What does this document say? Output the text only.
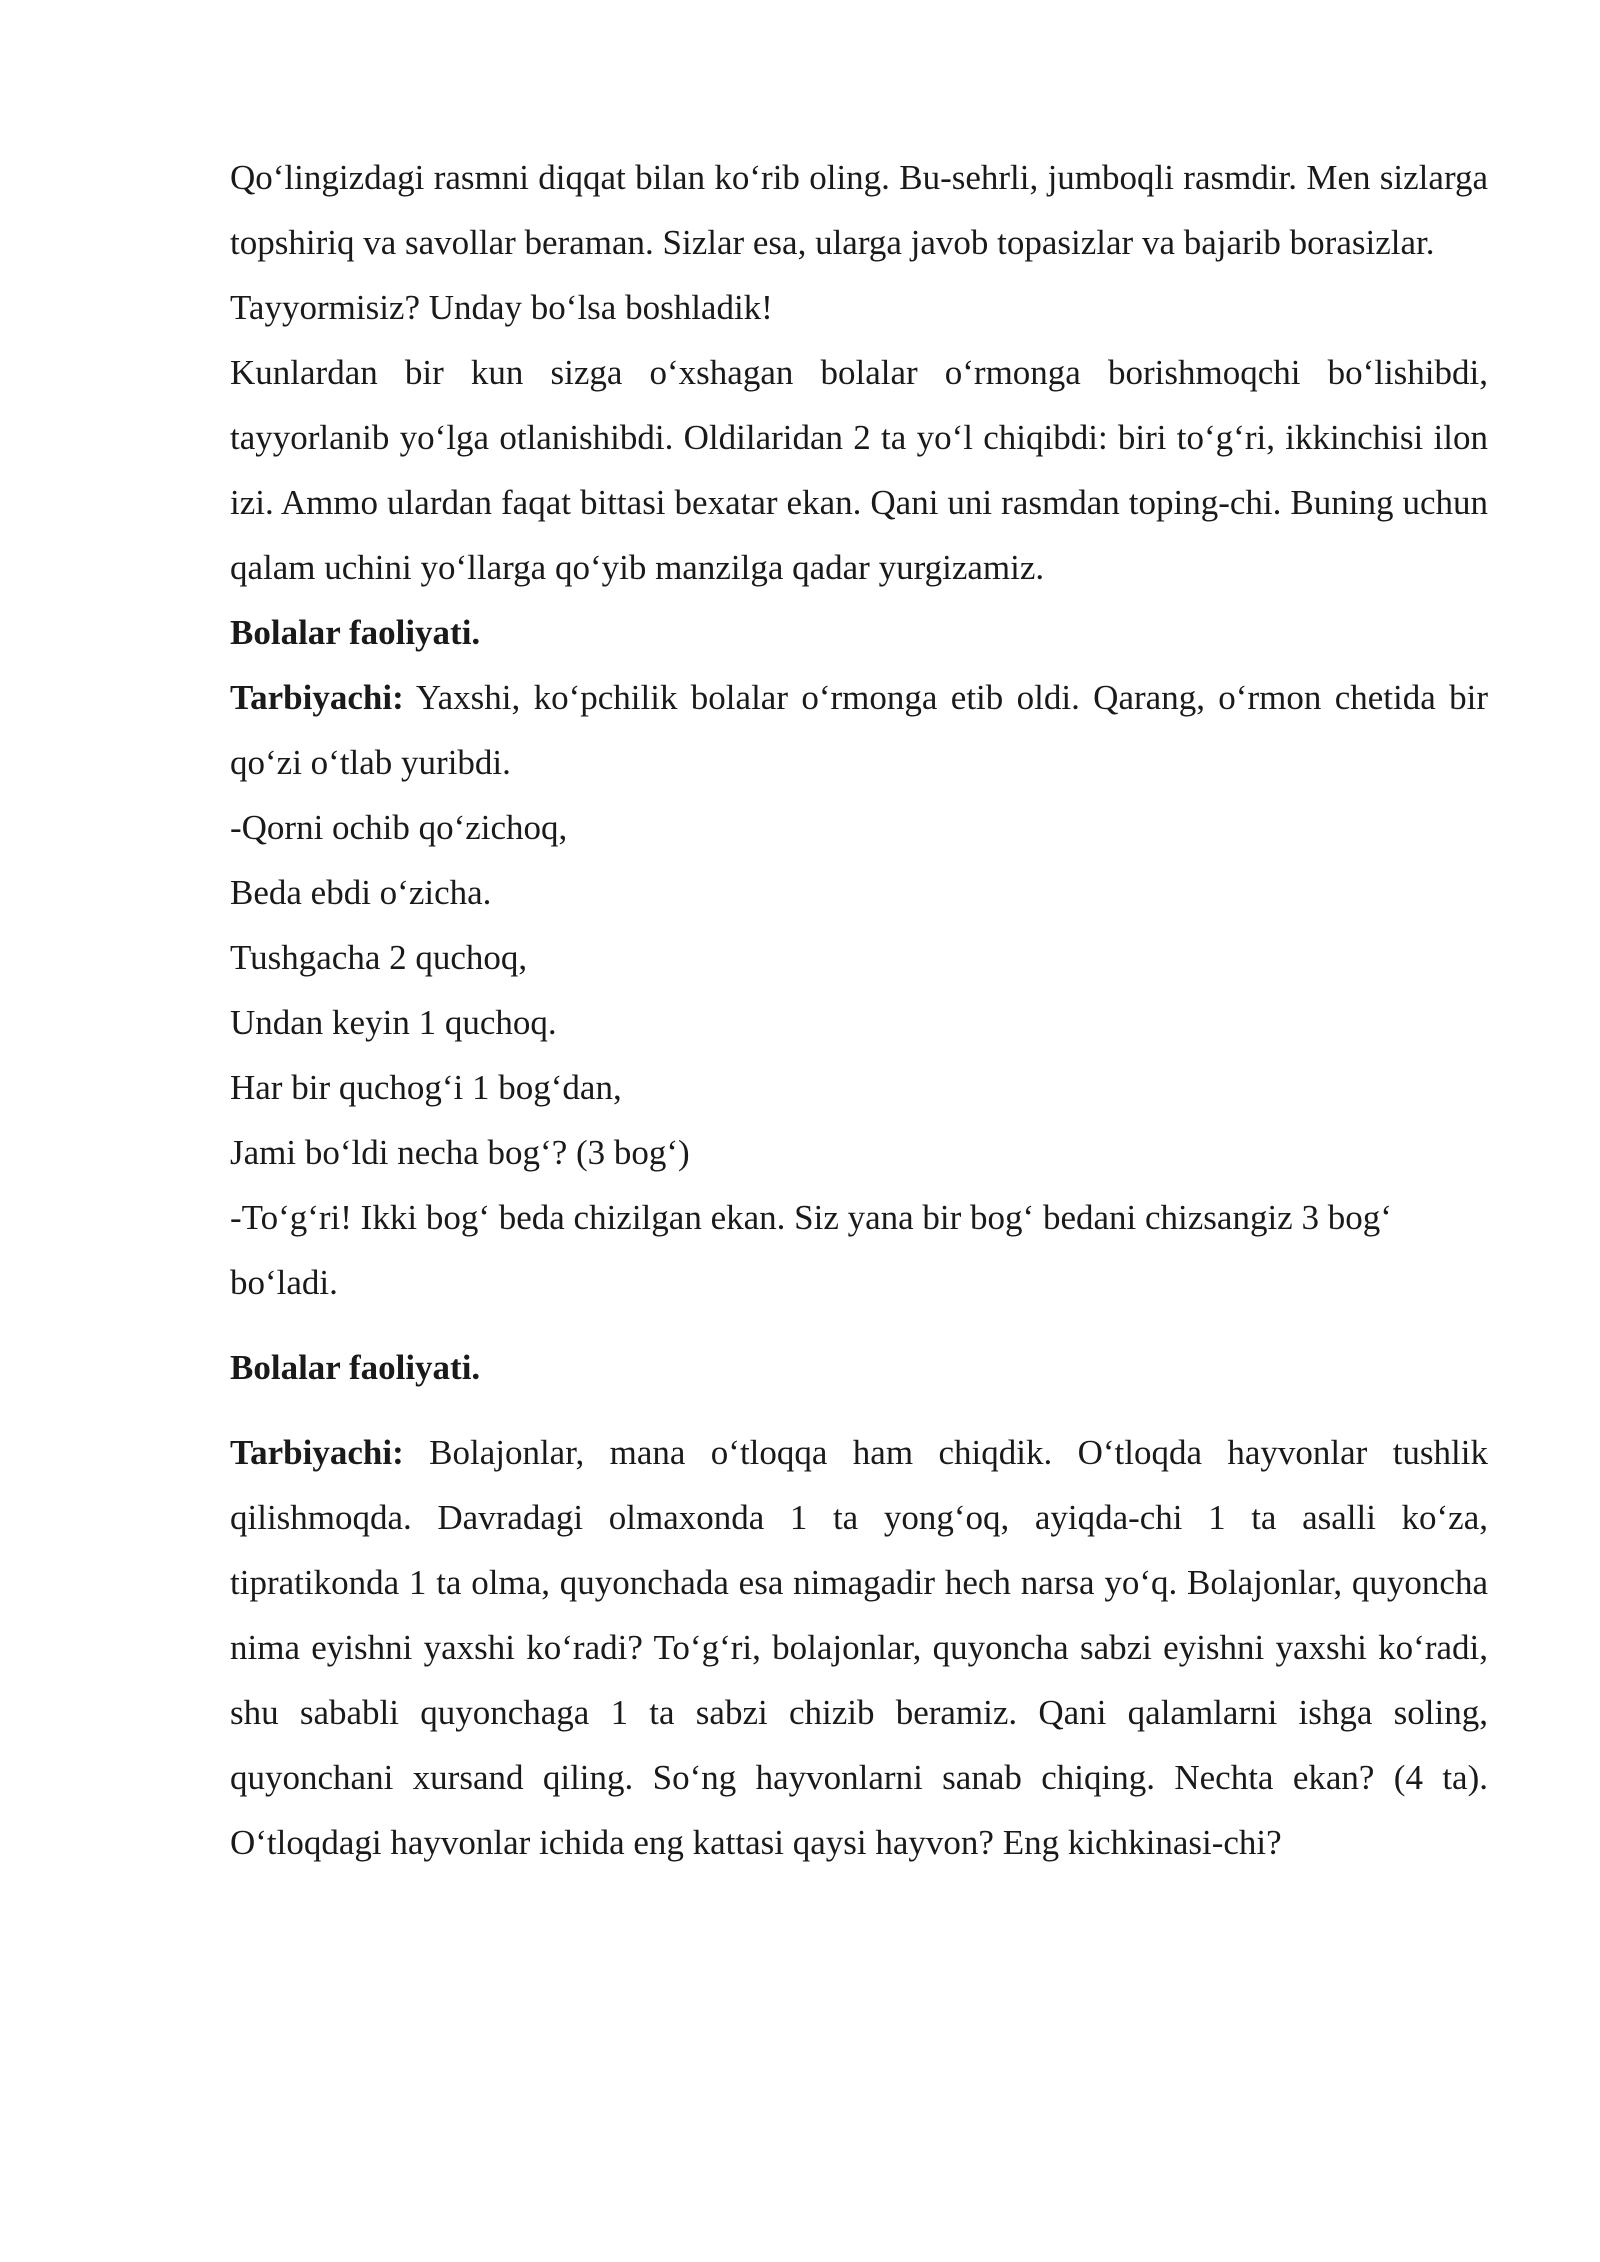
Qo‘lingizdagi rasmni diqqat bilan ko‘rib oling. Bu-sehrli, jumboqli rasmdir. Men sizlarga topshiriq va savollar beraman. Sizlar esa, ularga javob topasizlar va bajarib borasizlar.

Tayyormisiz? Unday bo‘lsa boshladik!

Kunlardan bir kun sizga o‘xshagan bolalar o‘rmonga borishmoqchi bo‘lishibdi, tayyorlanib yo‘lga otlanishibdi. Oldilaridan 2 ta yo‘l chiqibdi: biri to‘g‘ri, ikkinchisi ilon izi. Ammo ulardan faqat bittasi bexatar ekan. Qani uni rasmdan toping-chi. Buning uchun qalam uchini yo‘llarga qo‘yib manzilga qadar yurgizamiz.

Bolalar faoliyati.

Tarbiyachi: Yaxshi, ko‘pchilik bolalar o‘rmonga etib oldi. Qarang, o‘rmon chetida bir qo‘zi o‘tlab yuribdi.

-Qorni ochib qo‘zichoq,

Beda ebdi o‘zicha.

Tushgacha 2 quchoq,

Undan keyin 1 quchoq.

Har bir quchog‘i 1 bog‘dan,

Jami bo‘ldi necha bog‘? (3 bog‘)

-To‘g‘ri! Ikki bog‘ beda chizilgan ekan. Siz yana bir bog‘ bedani chizsangiz 3 bog‘ bo‘ladi.

Bolalar faoliyati.

Tarbiyachi: Bolajonlar, mana o‘tloqqa ham chiqdik. O‘tloqda hayvonlar tushlik qilishmoqda. Davradagi olmaxonda 1 ta yong‘oq, ayiqda-chi 1 ta asalli ko‘za, tipratikonda 1 ta olma, quyonchada esa nimagadir hech narsa yo‘q. Bolajonlar, quyoncha nima eyishni yaxshi ko‘radi? To‘g‘ri, bolajonlar, quyoncha sabzi eyishni yaxshi ko‘radi, shu sababli quyonchaga 1 ta sabzi chizib beramiz. Qani qalamlarni ishga soling, quyonchani xursand qiling. So‘ng hayvonlarni sanab chiqing. Nechta ekan? (4 ta). O‘tloqdagi hayvonlar ichida eng kattasi qaysi hayvon? Eng kichkinasi-chi?
